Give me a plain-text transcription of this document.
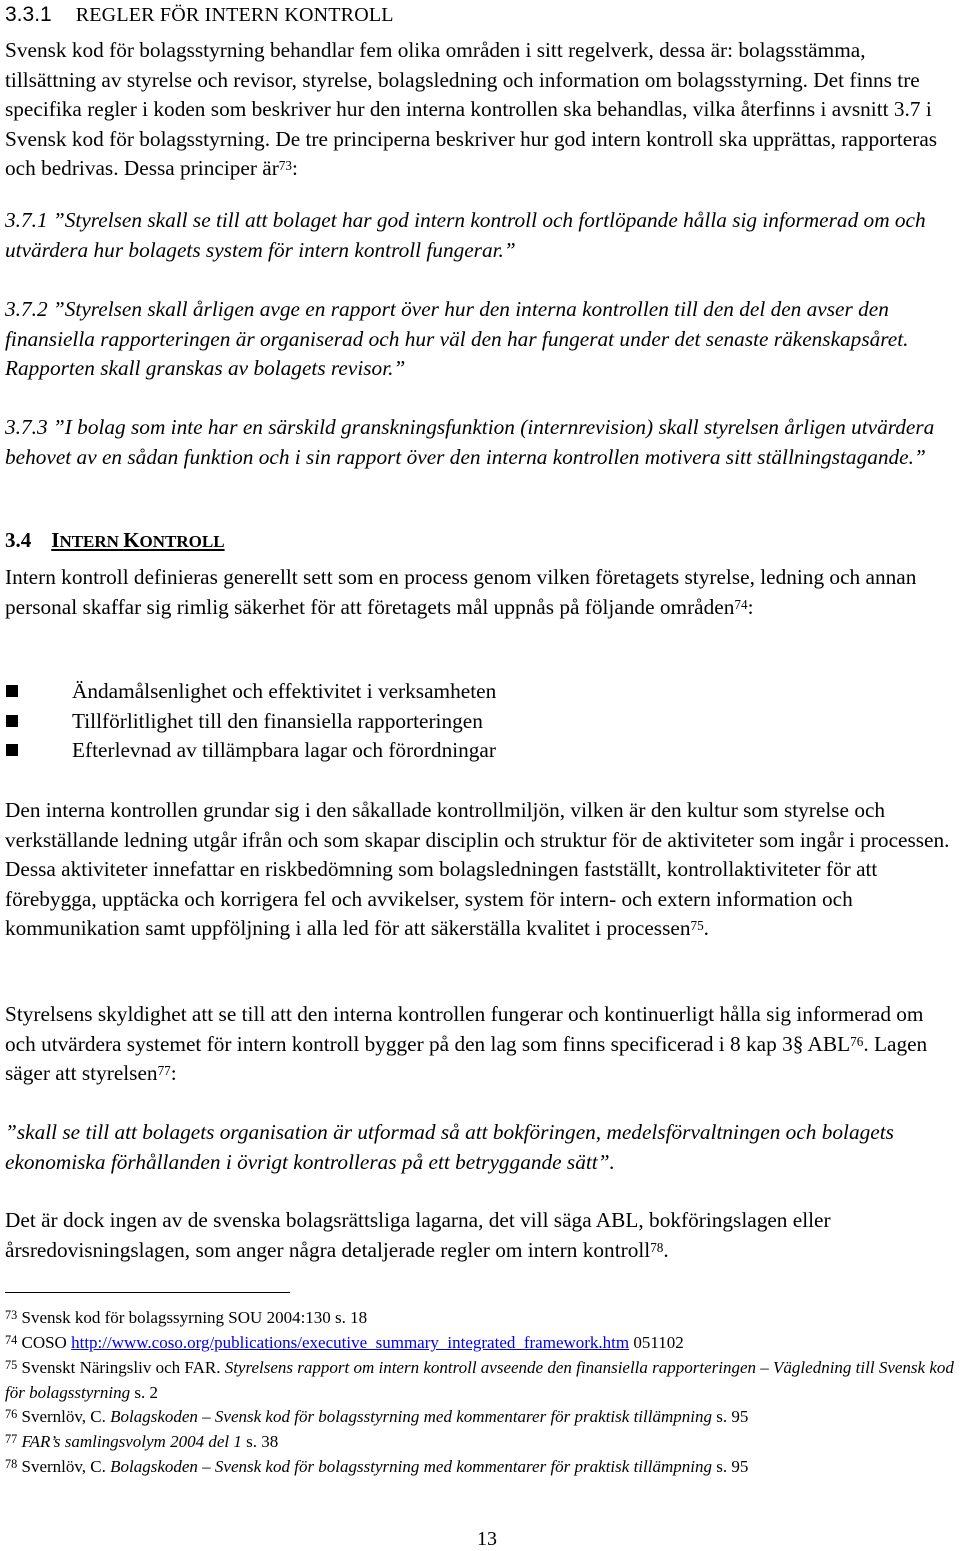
3.3.1 REGLER FÖR INTERN KONTROLL
Svensk kod för bolagsstyrning behandlar fem olika områden i sitt regelverk, dessa är: bolagsstämma, tillsättning av styrelse och revisor, styrelse, bolagsledning och information om bolagsstyrning. Det finns tre specifika regler i koden som beskriver hur den interna kontrollen ska behandlas, vilka återfinns i avsnitt 3.7 i Svensk kod för bolagsstyrning. De tre principerna beskriver hur god intern kontroll ska upprättas, rapporteras och bedrivas. Dessa principer $är^{73}$:
3.7.1 ”Styrelsen skall se till att bolaget har god intern kontroll och fortlöpande hålla sig informerad om och utvärdera hur bolagets system för intern kontroll fungerar.”
3.7.2 ”Styrelsen skall årligen avge en rapport över hur den interna kontrollen till den del den avser den finansiella rapporteringen är organiserad och hur väl den har fungerat under det senaste räkenskapsåret. Rapporten skall granskas av bolagets revisor.”
3.7.3 ”I bolag som inte har en särskild granskningsfunktion (internrevision) skall styrelsen årligen utvärdera behovet av en sådan funktion och i sin rapport över den interna kontrollen motivera sitt ställningstagande.”
3.4 INTERN KONTROLL
Intern kontroll definieras generellt sett som en process genom vilken företagets styrelse, ledning och annan personal skaffar sig rimlig säkerhet för att företagets mål uppnås på följande områden$^{74}$:
Ändamålsenlighet och effektivitet i verksamheten
Tillförlitlighet till den finansiella rapporteringen
Efterlevnad av tillämpbara lagar och förordningar
Den interna kontrollen grundar sig i den såkallade kontrollmiljön, vilken är den kultur som styrelse och verkställande ledning utgår ifrån och som skapar disciplin och struktur för de aktiviteter som ingår i processen. Dessa aktiviteter innefattar en riskbedömning som bolagsledningen fastställt, kontrollaktiviteter för att förebygga, upptäcka och korrigera fel och avvikelser, system för intern- och extern information och kommunikation samt uppföljning i alla led för att säkerställa kvalitet i processen$^{75}$.
Styrelsens skyldighet att se till att den interna kontrollen fungerar och kontinuerligt hålla sig informerad om och utvärdera systemet för intern kontroll bygger på den lag som finns specificerad i 8 kap 3§ ABL$^{76}$. Lagen säger att styrelsen$^{77}$:
”skall se till att bolagets organisation är utformad så att bokföringen, medelsförvaltningen och bolagets ekonomiska förhållanden i övrigt kontrolleras på ett betryggande sätt”.
Det är dock ingen av de svenska bolagsrättsliga lagarna, det vill säga ABL, bokföringslagen eller årsredovisningslagen, som anger några detaljerade regler om intern kontroll$^{78}$.
$^{73}$ Svensk kod för bolagssyrning SOU 2004:130 s. 18
$^{74}$ COSO http://www.coso.org/publications/executive_summary_integrated_framework.htm 051102
$^{75}$ Svenskt Näringsliv och FAR. Styrelsens rapport om intern kontroll avseende den finansiella rapporteringen – Vägledning till Svensk kod för bolagsstyrning s. 2
$^{76}$ Svernlöv, C. Bolagskoden – Svensk kod för bolagsstyrning med kommentarer för praktisk tillämpning s. 95
$^{77}$ FAR’s samlingsvolym 2004 del 1 s. 38
$^{78}$ Svernlöv, C. Bolagskoden – Svensk kod för bolagsstyrning med kommentarer för praktisk tillämpning s. 95
13
